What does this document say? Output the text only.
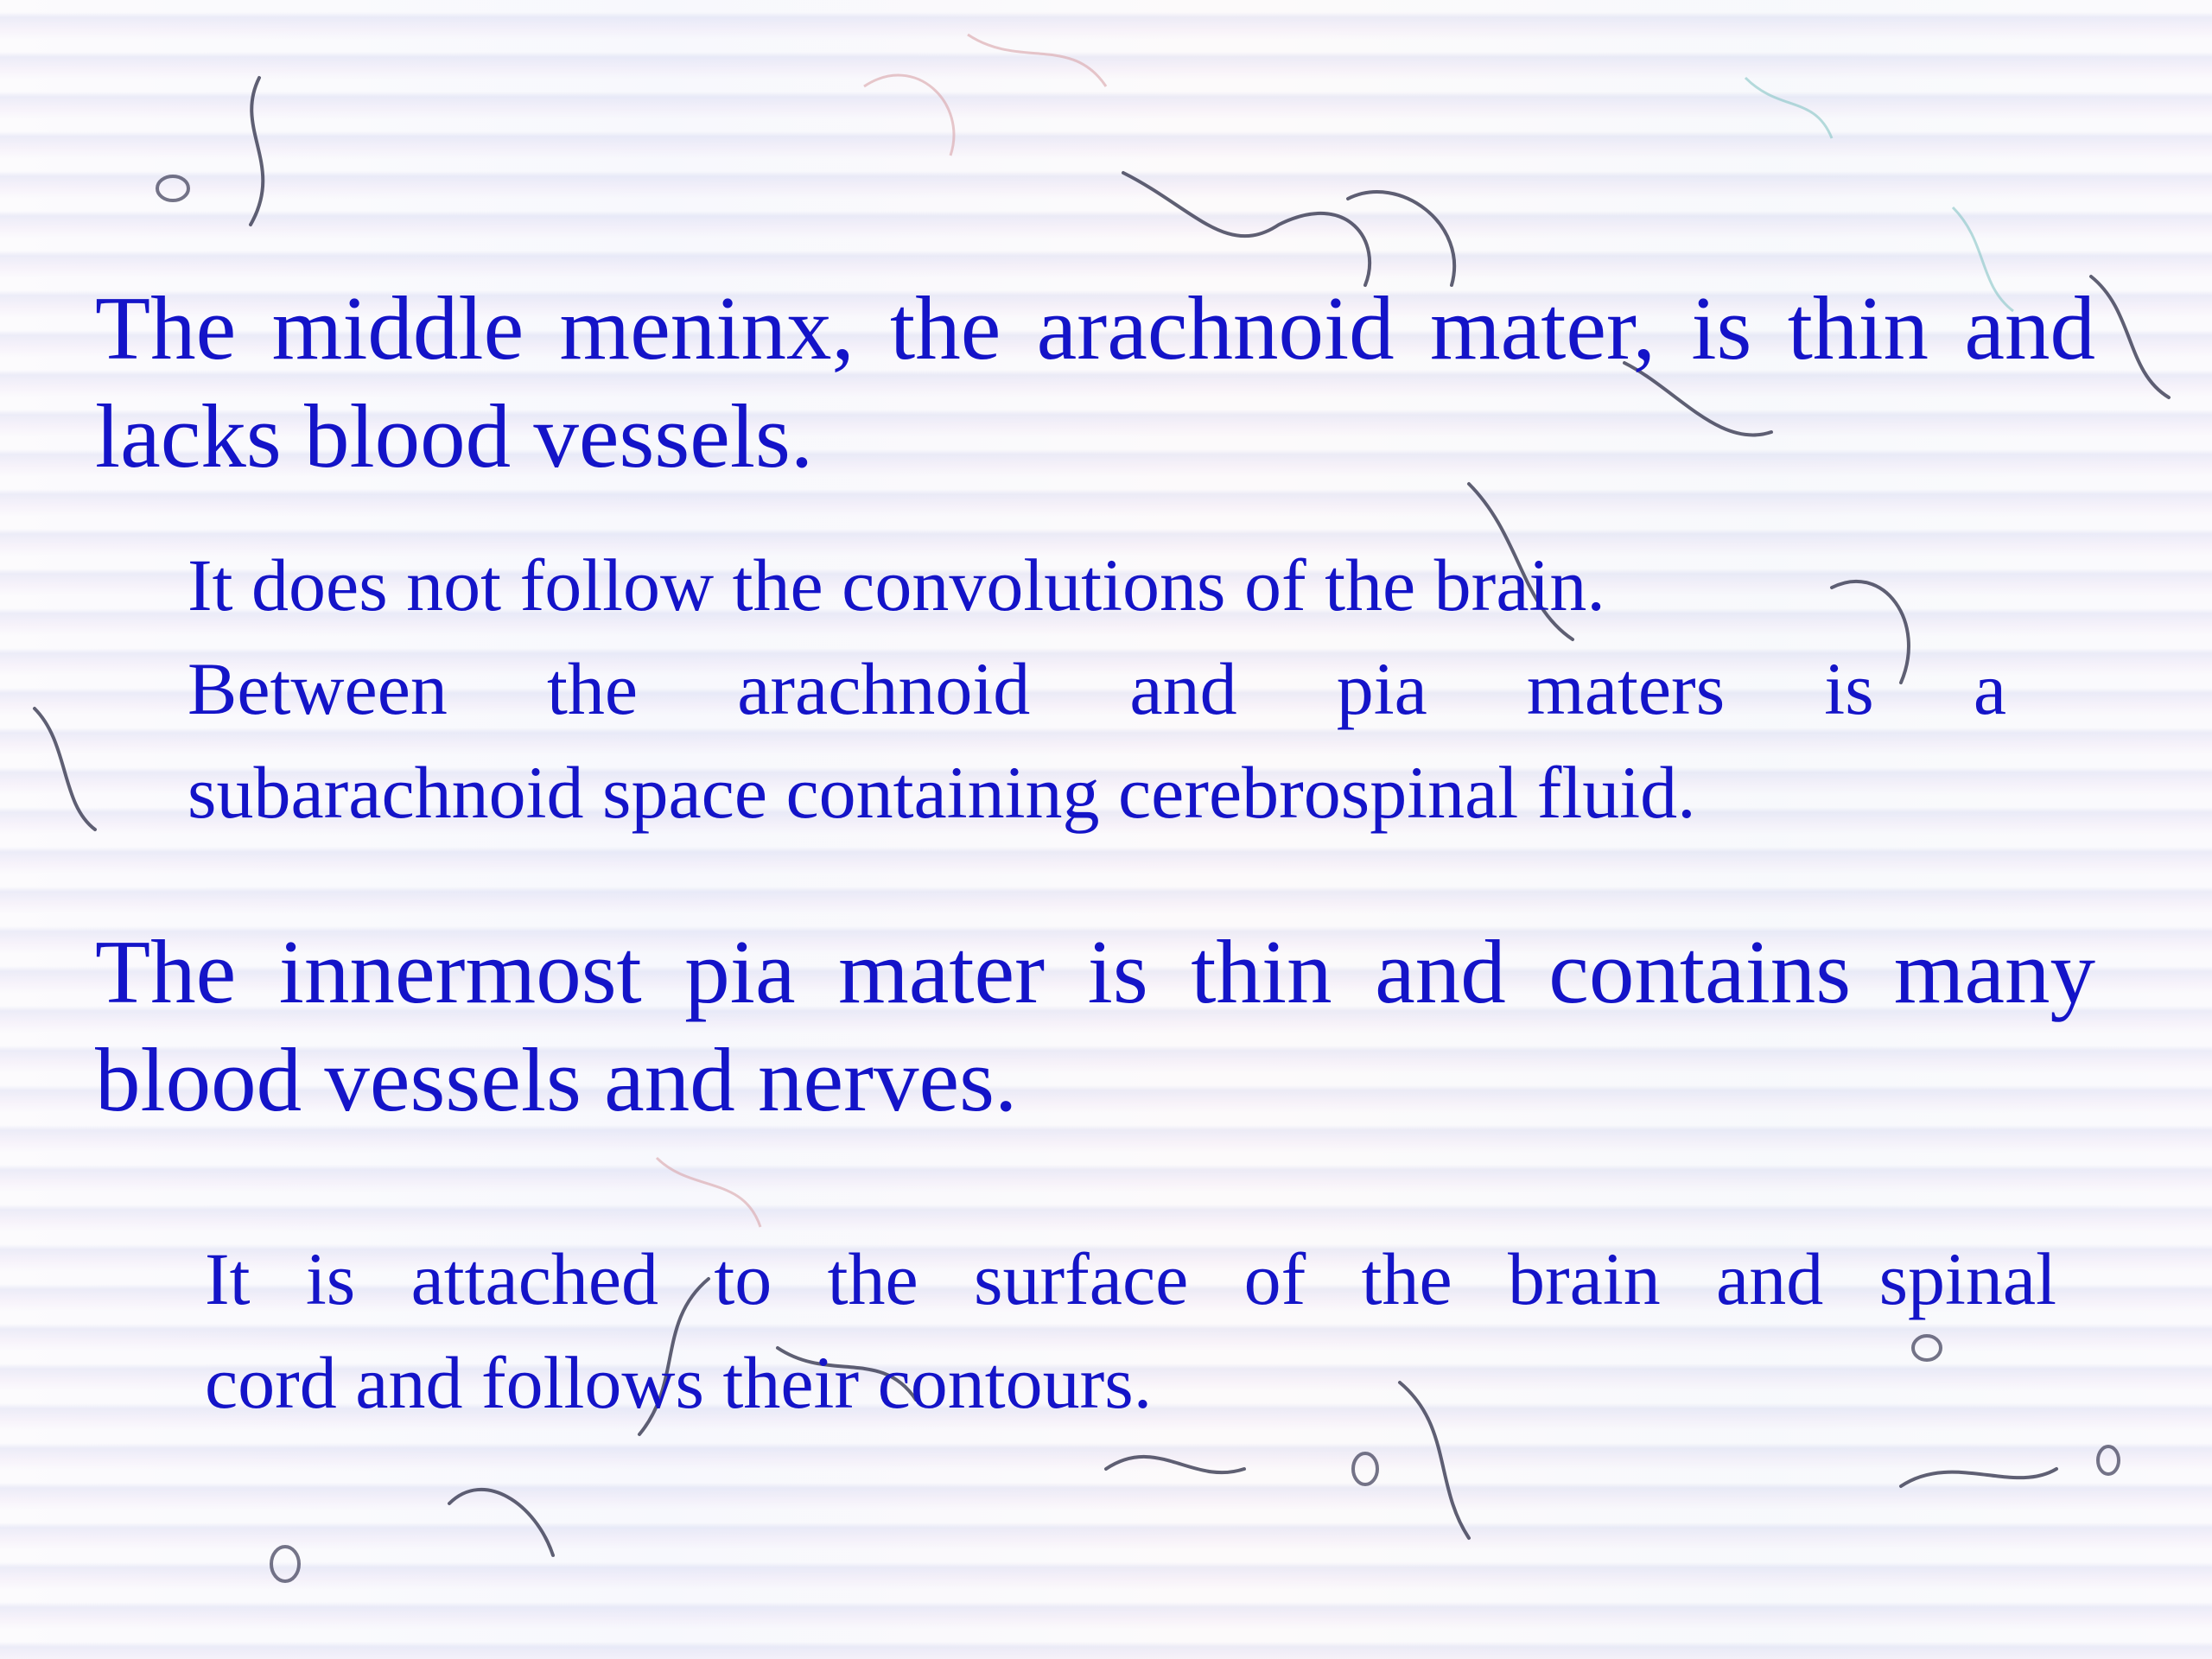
The middle meninx, the arachnoid mater, is thin and lacks blood vessels.

It does not follow the convolutions of the brain.
Between the arachnoid and pia maters is a
subarachnoid space containing cerebrospinal fluid.

The innermost pia mater is thin and contains many blood vessels and nerves.

It is attached to the surface of the brain and spinal
cord and follows their contours.
